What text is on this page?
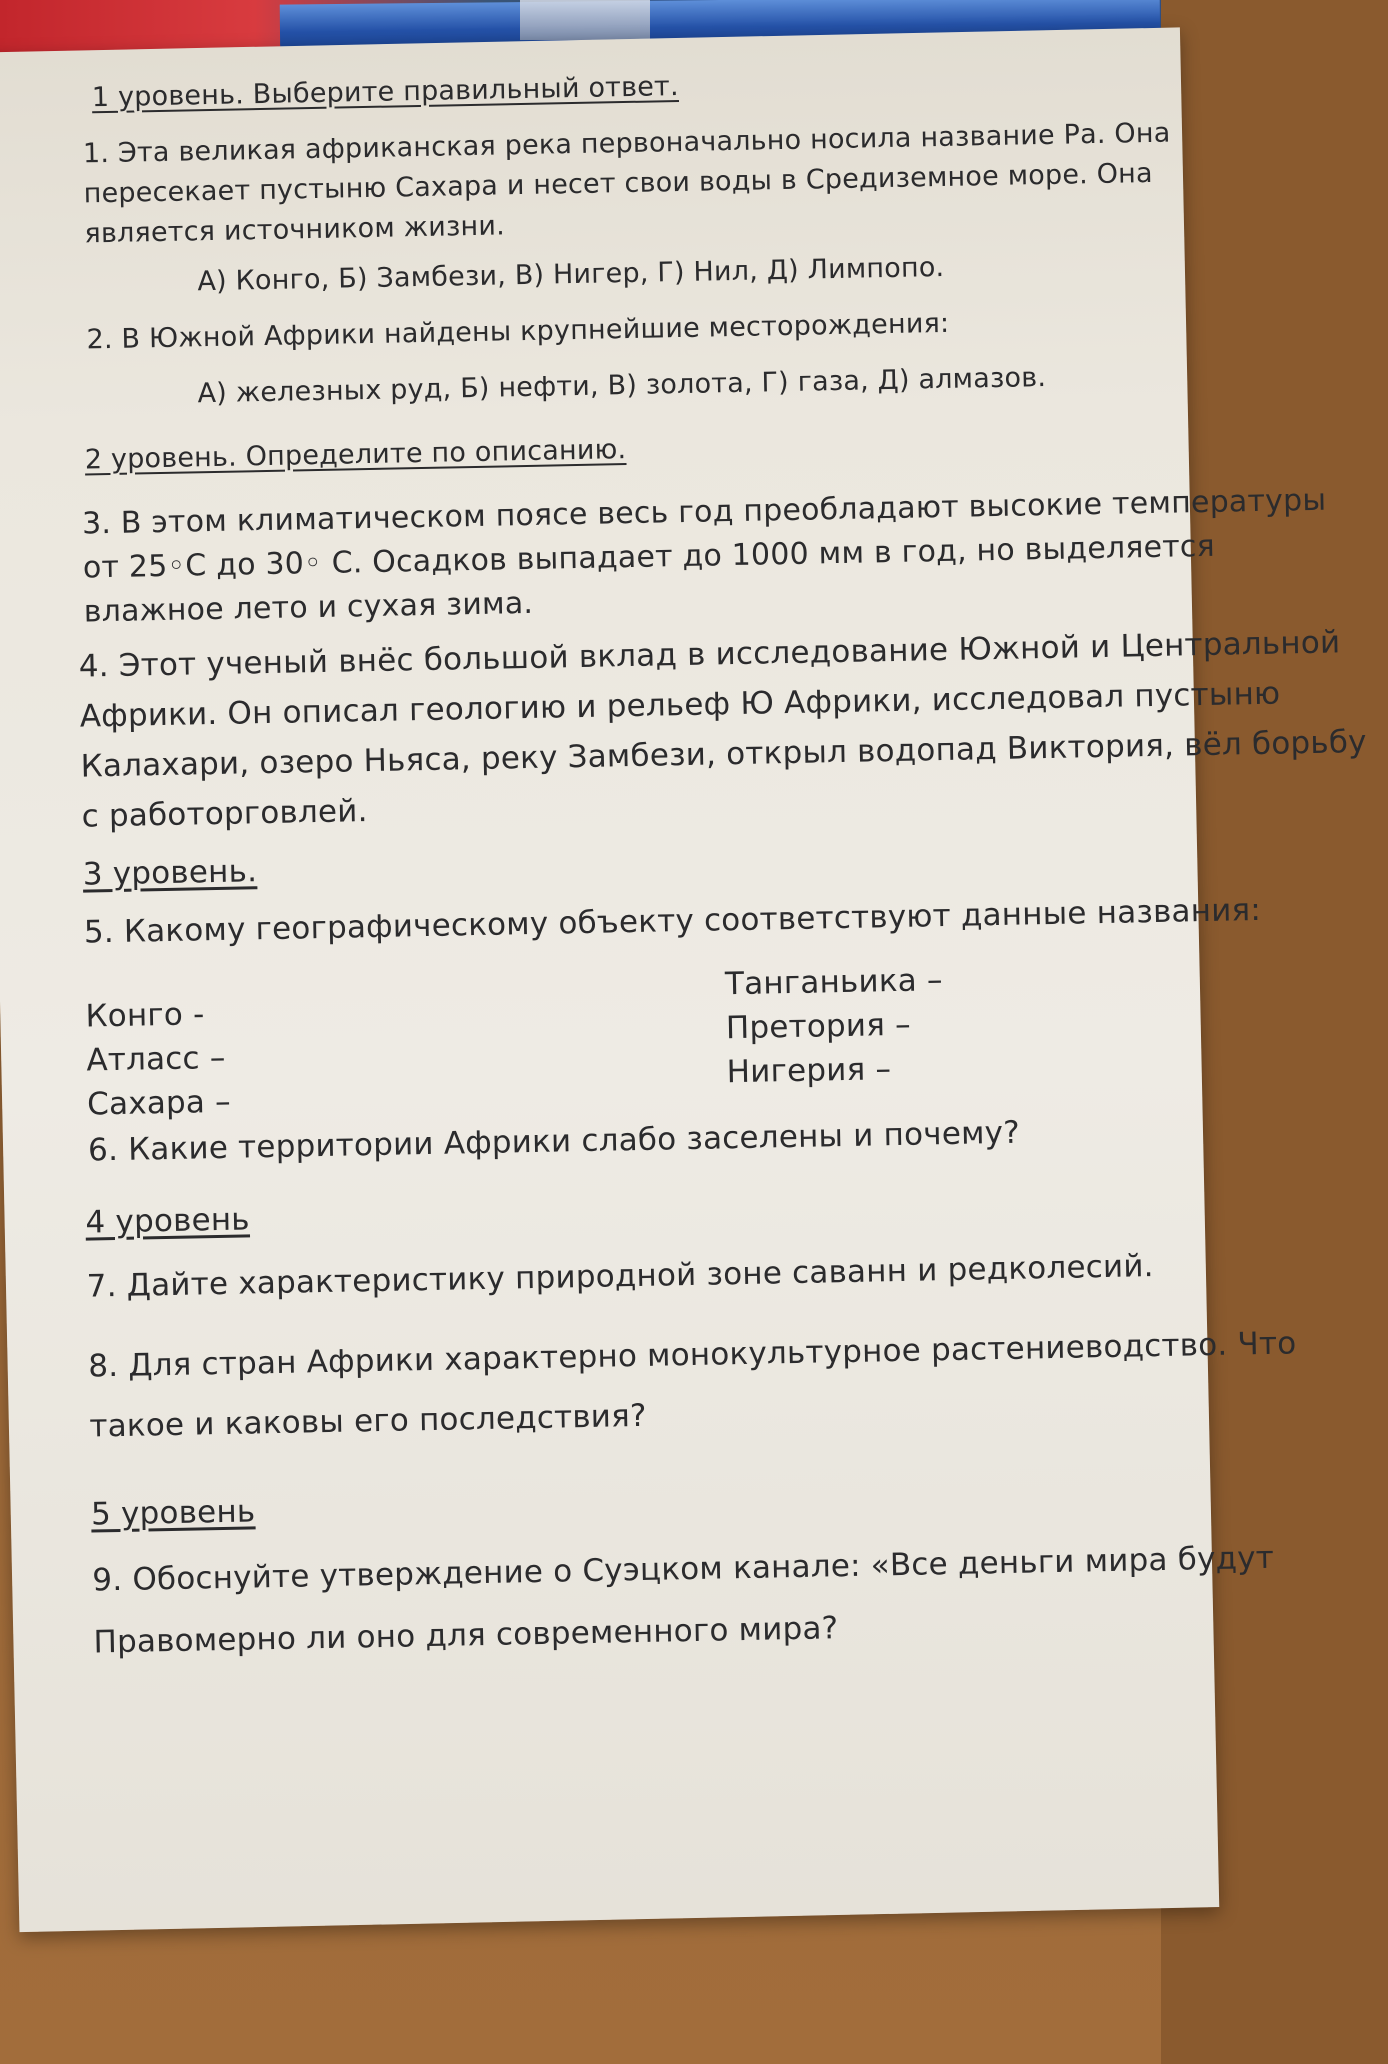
1 уровень. Выберите правильный ответ.
1. Эта великая африканская река первоначально носила название Ра. Она
пересекает пустыню Сахара и несет свои воды в Средиземное море. Она
является источником жизни.
А) Конго, Б) Замбези, В) Нигер, Г) Нил, Д) Лимпопо.
2. В Южной Африки найдены крупнейшие месторождения:
А) железных руд, Б) нефти, В) золота, Г) газа, Д) алмазов.
2 уровень. Определите по описанию.
3. В этом климатическом поясе весь год преобладают высокие температуры
от 25◦С до 30◦ С. Осадков выпадает до 1000 мм в год, но выделяется
влажное лето и сухая зима.
4. Этот ученый внёс большой вклад в исследование Южной и Центральной
Африки. Он описал геологию и рельеф Ю Африки, исследовал пустыню
Калахари, озеро Ньяса, реку Замбези, открыл водопад Виктория, вёл борьбу
с работорговлей.
3 уровень.
5. Какому географическому объекту соответствуют данные названия:
Конго -
Атласс –
Сахара –
Танганьика –
Претория –
Нигерия –
6. Какие территории Африки слабо заселены и почему?
4 уровень
7. Дайте характеристику природной зоне саванн и редколесий.
8. Для стран Африки характерно монокультурное растениеводство. Что
такое и каковы его последствия?
5 уровень
9. Обоснуйте утверждение о Суэцком канале: «Все деньги мира будут
Правомерно ли оно для современного мира?
